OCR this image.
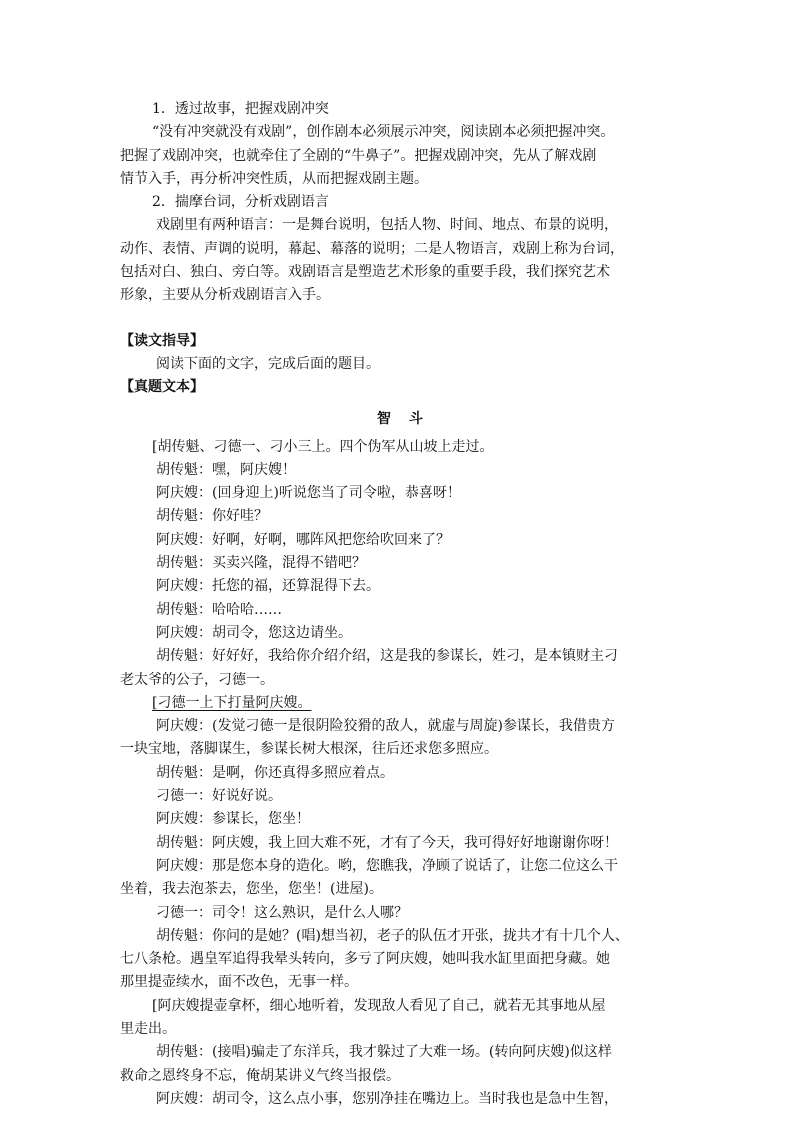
1．透过故事，把握戏剧冲突
“没有冲突就没有戏剧”，创作剧本必须展示冲突，阅读剧本必须把握冲突。
把握了戏剧冲突，也就牵住了全剧的“牛鼻子”。把握戏剧冲突，先从了解戏剧
情节入手，再分析冲突性质，从而把握戏剧主题。
2．揣摩台词，分析戏剧语言
戏剧里有两种语言：一是舞台说明，包括人物、时间、地点、布景的说明，
动作、表情、声调的说明，幕起、幕落的说明；二是人物语言，戏剧上称为台词，
包括对白、独白、旁白等。戏剧语言是塑造艺术形象的重要手段，我们探究艺术
形象，主要从分析戏剧语言入手。
【读文指导】
阅读下面的文字，完成后面的题目。
【真题文本】
智斗
[胡传魁、刁德一、刁小三上。四个伪军从山坡上走过。
胡传魁：嘿，阿庆嫂！
阿庆嫂：(回身迎上)听说您当了司令啦，恭喜呀！
胡传魁：你好哇？
阿庆嫂：好啊，好啊，哪阵风把您给吹回来了？
胡传魁：买卖兴隆，混得不错吧？
阿庆嫂：托您的福，还算混得下去。
胡传魁：哈哈哈……
阿庆嫂：胡司令，您这边请坐。
胡传魁：好好好，我给你介绍介绍，这是我的参谋长，姓刁，是本镇财主刁
老太爷的公子，刁德一。
[刁德一上下打量阿庆嫂。
阿庆嫂：(发觉刁德一是很阴险狡猾的敌人，就虚与周旋)参谋长，我借贵方
一块宝地，落脚谋生，参谋长树大根深，往后还求您多照应。
胡传魁：是啊，你还真得多照应着点。
刁德一：好说好说。
阿庆嫂：参谋长，您坐！
胡传魁：阿庆嫂，我上回大难不死，才有了今天，我可得好好地谢谢你呀！
阿庆嫂：那是您本身的造化。哟，您瞧我，净顾了说话了，让您二位这么干
坐着，我去泡茶去，您坐，您坐！(进屋)。
刁德一：司令！这么熟识，是什么人哪？
胡传魁：你问的是她？(唱)想当初，老子的队伍才开张，拢共才有十几个人、
七八条枪。遇皇军追得我晕头转向，多亏了阿庆嫂，她叫我水缸里面把身藏。她
那里提壶续水，面不改色，无事一样。
[阿庆嫂提壶拿杯，细心地听着，发现敌人看见了自己，就若无其事地从屋
里走出。
胡传魁：(接唱)骗走了东洋兵，我才躲过了大难一场。(转向阿庆嫂)似这样
救命之恩终身不忘，俺胡某讲义气终当报偿。
阿庆嫂：胡司令，这么点小事，您别净挂在嘴边上。当时我也是急中生智，
